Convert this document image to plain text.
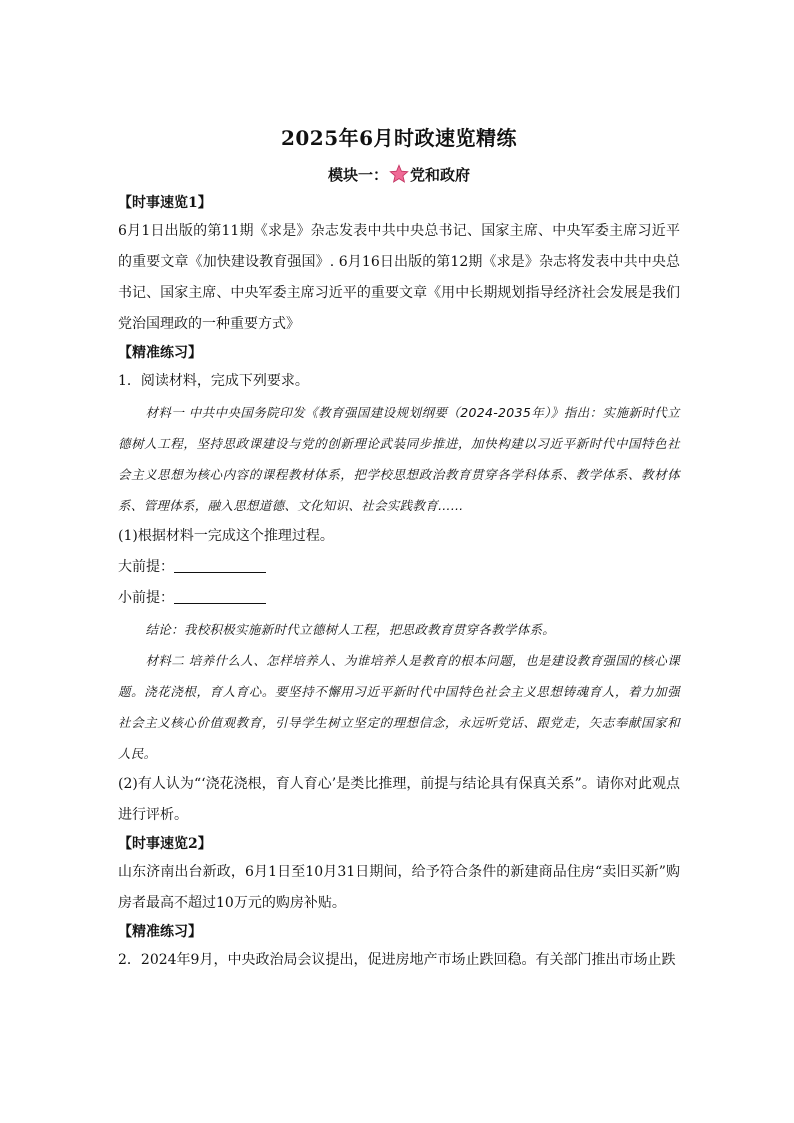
2025年6月时政速览精练
模块一： 党和政府
【时事速览1】

6月1日出版的第11期《求是》杂志发表中共中央总书记、国家主席、中央军委主席习近平的重要文章《加快建设教育强国》. 6月16日出版的第12期《求是》杂志将发表中共中央总书记、国家主席、中央军委主席习近平的重要文章《用中长期规划指导经济社会发展是我们党治国理政的一种重要方式》

【精准练习】

1．阅读材料，完成下列要求。

材料一 中共中央国务院印发《教育强国建设规划纲要（2024-2035年）》指出：实施新时代立德树人工程，坚持思政课建设与党的创新理论武装同步推进，加快构建以习近平新时代中国特色社会主义思想为核心内容的课程教材体系，把学校思想政治教育贯穿各学科体系、教学体系、教材体系、管理体系，融入思想道德、文化知识、社会实践教育……

(1)根据材料一完成这个推理过程。

大前提：
小前提：

结论：我校积极实施新时代立德树人工程，把思政教育贯穿各教学体系。

材料二 培养什么人、怎样培养人、为谁培养人是教育的根本问题，也是建设教育强国的核心课题。浇花浇根，育人育心。要坚持不懈用习近平新时代中国特色社会主义思想铸魂育人，着力加强社会主义核心价值观教育，引导学生树立坚定的理想信念，永远听党话、跟党走，矢志奉献国家和人民。

(2)有人认为“‘浇花浇根，育人育心’是类比推理，前提与结论具有保真关系”。请你对此观点进行评析。

【时事速览2】

山东济南出台新政，6月1日至10月31日期间，给予符合条件的新建商品住房“卖旧买新”购房者最高不超过10万元的购房补贴。

【精准练习】

2．2024年9月，中央政治局会议提出，促进房地产市场止跌回稳。有关部门推出市场止跌
